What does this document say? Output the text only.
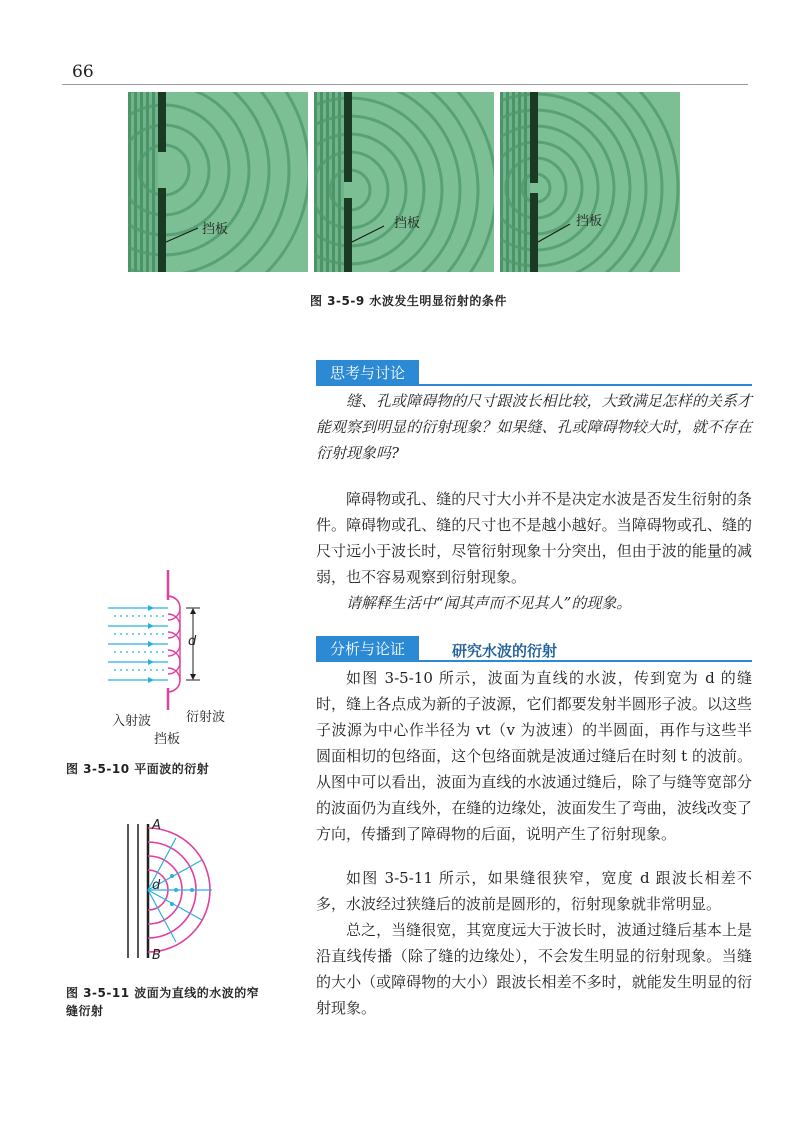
66
挡板	挡板	挡板
图 3-5-9 水波发生明显衍射的条件
思考与讨论
缝、孔或障碍物的尺寸跟波长相比较，大致满足怎样的关系才能观察到明显的衍射现象？如果缝、孔或障碍物较大时，就不存在衍射现象吗?
障碍物或孔、缝的尺寸大小并不是决定水波是否发生衍射的条件。障碍物或孔、缝的尺寸也不是越小越好。当障碍物或孔、缝的尺寸远小于波长时，尽管衍射现象十分突出，但由于波的能量的减弱，也不容易观察到衍射现象。
请解释生活中“闻其声而不见其人”的现象。
分析与论证	研究水波的衍射
如图 3-5-10 所示，波面为直线的水波，传到宽为 d 的缝时，缝上各点成为新的子波源，它们都要发射半圆形子波。以这些子波源为中心作半径为 vt（v 为波速）的半圆面，再作与这些半圆面相切的包络面，这个包络面就是波通过缝后在时刻 t 的波前。从图中可以看出，波面为直线的水波通过缝后，除了与缝等宽部分的波面仍为直线外，在缝的边缘处，波面发生了弯曲，波线改变了方向，传播到了障碍物的后面，说明产生了衍射现象。
如图 3-5-11 所示，如果缝很狭窄，宽度 d 跟波长相差不多，水波经过狭缝后的波前是圆形的，衍射现象就非常明显。
总之，当缝很宽，其宽度远大于波长时，波通过缝后基本上是沿直线传播（除了缝的边缘处），不会发生明显的衍射现象。当缝的大小（或障碍物的大小）跟波长相差不多时，就能发生明显的衍射现象。
d
入射波	衍射波
挡板
图 3-5-10 平面波的衍射
A
B
d
图 3-5-11 波面为直线的水波的窄
缝衍射
